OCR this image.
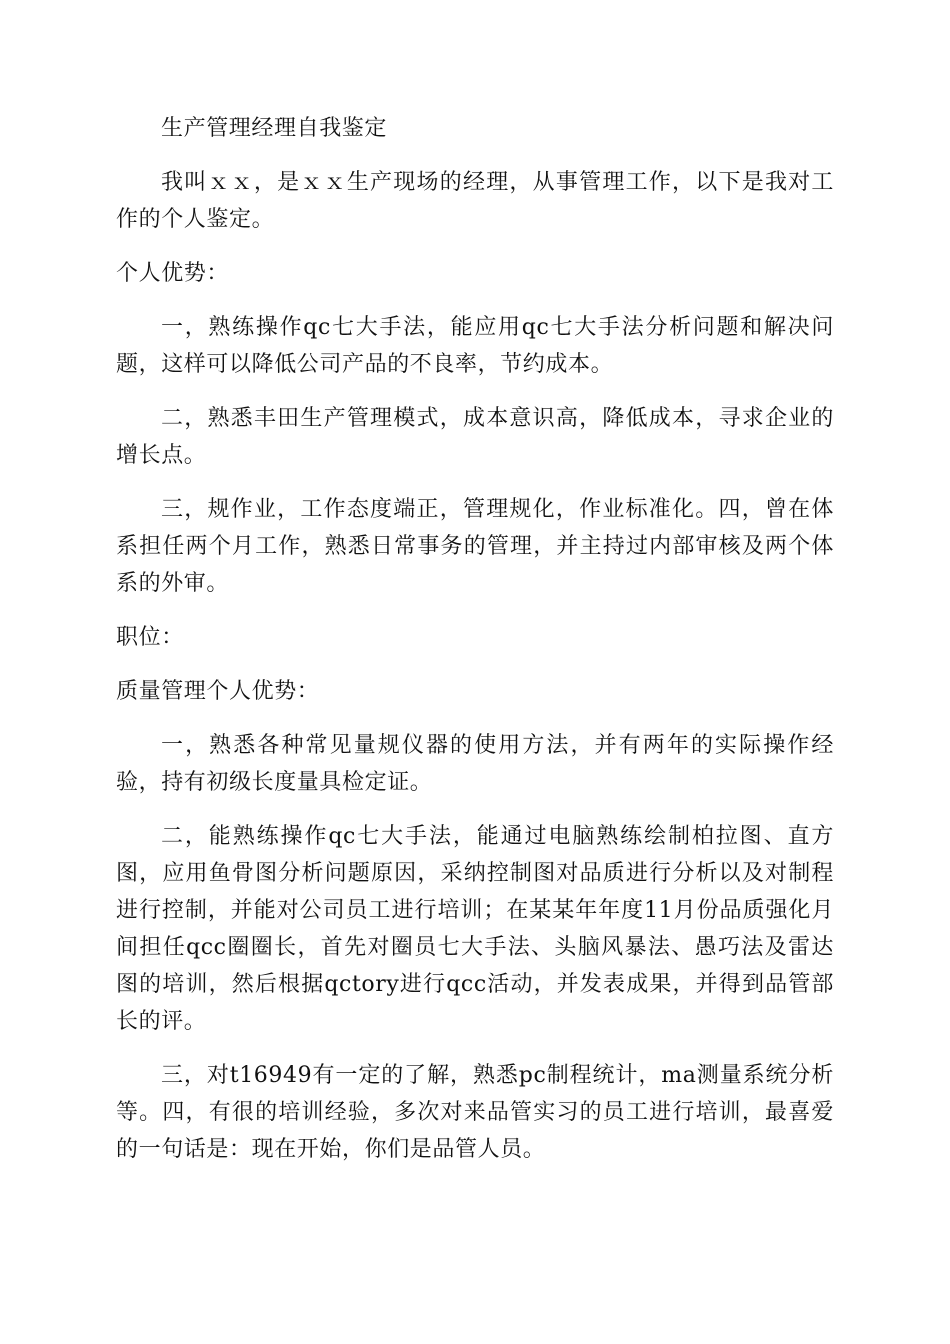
生产管理经理自我鉴定
我叫ｘｘ，是ｘｘ生产现场的经理，从事管理工作，以下是我对工作的个人鉴定。
个人优势：
一，熟练操作qc七大手法，能应用qc七大手法分析问题和解决问题，这样可以降低公司产品的不良率，节约成本。
二，熟悉丰田生产管理模式，成本意识高，降低成本，寻求企业的增长点。
三，规作业，工作态度端正，管理规化，作业标准化。四，曾在体系担任两个月工作，熟悉日常事务的管理，并主持过内部审核及两个体系的外审。
职位：
质量管理个人优势：
一，熟悉各种常见量规仪器的使用方法，并有两年的实际操作经验，持有初级长度量具检定证。
二，能熟练操作qc七大手法，能通过电脑熟练绘制柏拉图、直方图，应用鱼骨图分析问题原因，采纳控制图对品质进行分析以及对制程进行控制，并能对公司员工进行培训；在某某年年度11月份品质强化月间担任qcc圈圈长，首先对圈员七大手法、头脑风暴法、愚巧法及雷达图的培训，然后根据qctory进行qcc活动，并发表成果，并得到品管部长的评。
三，对t16949有一定的了解，熟悉pc制程统计，ma测量系统分析等。四，有很的培训经验，多次对来品管实习的员工进行培训，最喜爱的一句话是：现在开始，你们是品管人员。
